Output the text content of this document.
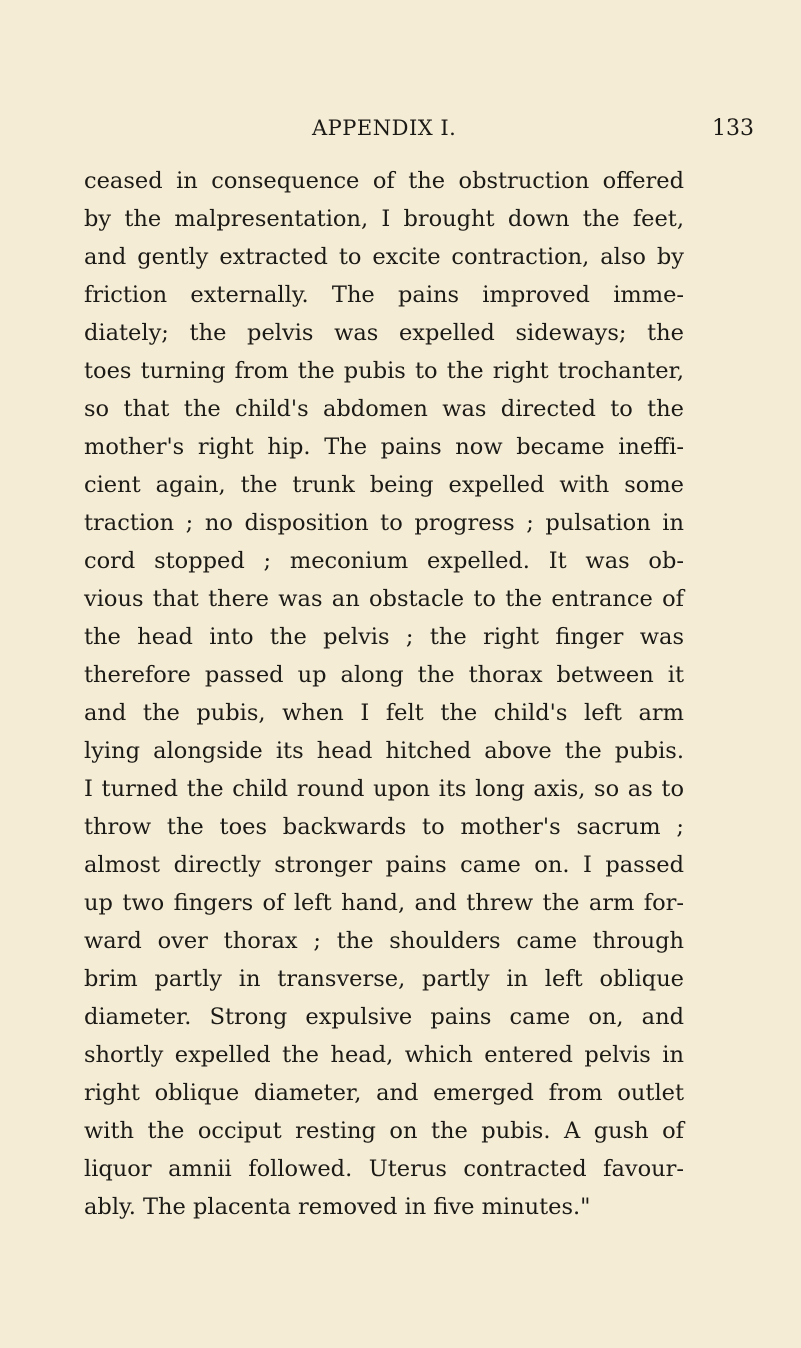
APPENDIX I.	133
ceased in consequence of the obstruction offered
by the malpresentation, I brought down the feet,
and gently extracted to excite contraction, also by
friction externally. The pains improved imme-
diately; the pelvis was expelled sideways; the
toes turning from the pubis to the right trochanter,
so that the child's abdomen was directed to the
mother's right hip. The pains now became ineffi-
cient again, the trunk being expelled with some
traction ; no disposition to progress ; pulsation in
cord stopped ; meconium expelled. It was ob-
vious that there was an obstacle to the entrance of
the head into the pelvis ; the right finger was
therefore passed up along the thorax between it
and the pubis, when I felt the child's left arm
lying alongside its head hitched above the pubis.
I turned the child round upon its long axis, so as to
throw the toes backwards to mother's sacrum ;
almost directly stronger pains came on. I passed
up two fingers of left hand, and threw the arm for-
ward over thorax ; the shoulders came through
brim partly in transverse, partly in left oblique
diameter. Strong expulsive pains came on, and
shortly expelled the head, which entered pelvis in
right oblique diameter, and emerged from outlet
with the occiput resting on the pubis. A gush of
liquor amnii followed. Uterus contracted favour-
ably. The placenta removed in five minutes."
